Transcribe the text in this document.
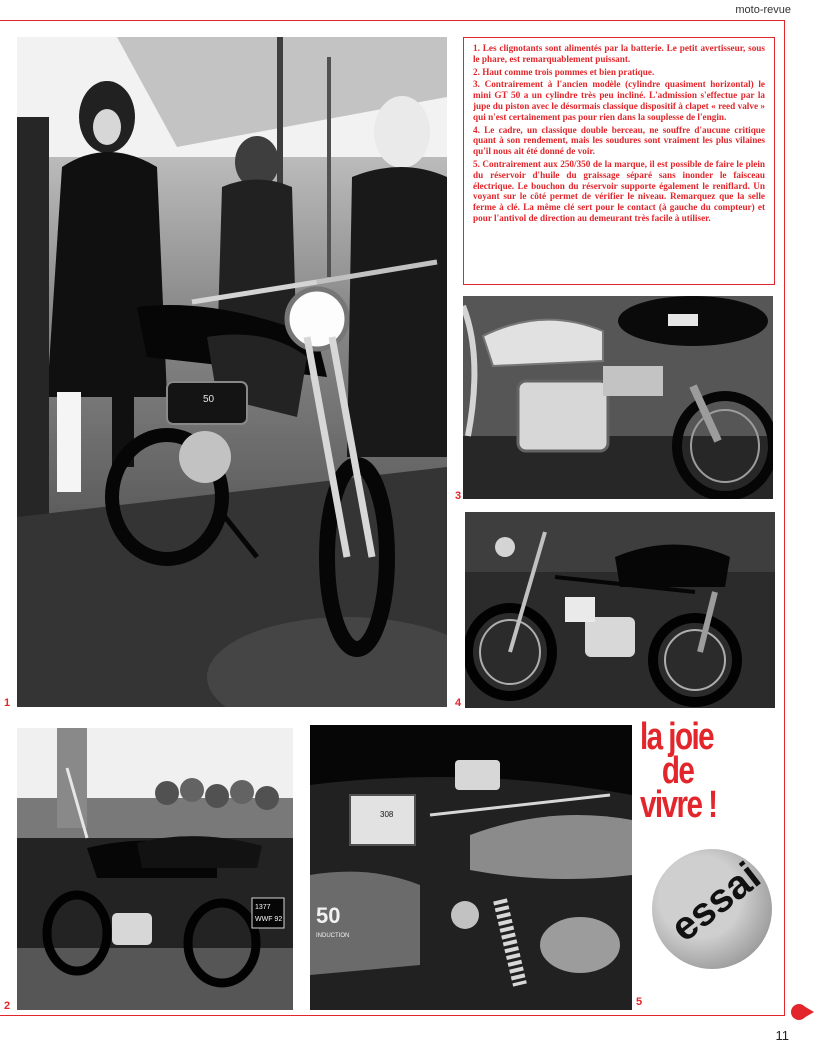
moto-revue
50
1

1. Les clignotants sont alimentés par la batterie. Le petit avertisseur, sous le phare, est remarquablement puissant.

2. Haut comme trois pommes et bien pratique.

3. Contrairement à l'ancien modèle (cylindre quasiment horizontal) le mini GT 50 a un cylindre très peu incliné. L'admission s'effectue par la jupe du piston avec le désormais classique dispositif à clapet « reed valve » qui n'est certainement pas pour rien dans la souplesse de l'engin.

4. Le cadre, un classique double berceau, ne souffre d'aucune critique quant à son rendement, mais les soudures sont vraiment les plus vilaines qu'il nous ait été donné de voir.

5. Contrairement aux 250/350 de la marque, il est possible de faire le plein du réservoir d'huile du graissage séparé sans inonder le faisceau électrique. Le bouchon du réservoir supporte également le reniflard. Un voyant sur le côté permet de vérifier le niveau. Remarquez que la selle ferme à clé. La même clé sert pour le contact (à gauche du compteur) et pour l'antivol de direction au demeurant très facile à utiliser.

3
4
1377
WWF 92
2
308
50
INDUCTION
5
la joie
de
vivre !
essai
11
